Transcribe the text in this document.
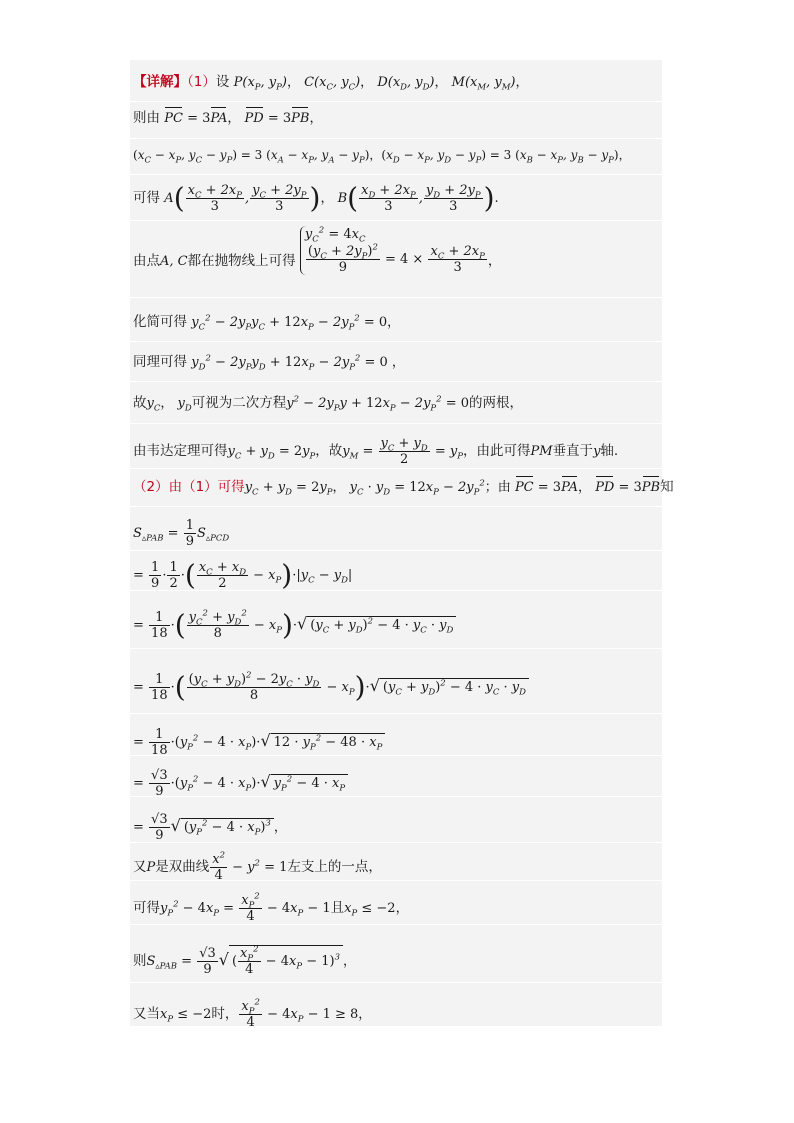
【详解】（1）设 $P(x_P$, $y_P$)， $C(x_C$, $y_C$)， $D(x_D$, $y_D$)， $M(x_M$, $y_M$)，
则由 PC = 3PA， PD = 3PB，
($x_C - x_P$, $y_C - y_P) = 3$ ($x_A - x_P$, $y_A - y_P$)，($x_D - x_P$, $y_D - y_P) = 3$ ($x_B - x_P$, $y_B - y_P$)，
可得 $A( \frac{x_C + 2x_P}{3}$ , $\frac{y_C + 2y_P}{3}$ )， $B( \frac{x_D + 2x_P}{3}$ , $\frac{y_D + 2y_P}{3}$ ).
由点A, C都在抛物线上可得
$y_C^2 = 4x_C$
$\frac{(y_C + 2y_P)^2}{9} = 4 \times \frac{x_C + 2x_P}{3}$ ，
化简可得 $y_C^2 - 2y_Py_C + 12x_P - 2y_P^2 = 0$，
同理可得 $y_D^2 - 2y_Py_D + 12x_P - 2y_P^2 = 0$ ，
故$y_C$， $y_D$可视为二次方程$y^2 - 2y_Py + 12x_P - 2y_P^2 = 0$的两根，
由韦达定理可得$y_C + y_D = 2y_P$，故$y_M = \frac{y_C + y_D}{2} = y_P$，由此可得PM垂直于y轴.
（2）由（1）可得$y_C + y_D = 2y_P$， $y_C \cdot y_D = 12x_P - 2y_P^2$；由 PC = 3PA， PD = 3PB知
$S_{▵PAB} = \frac{1}{9} S_{▵PCD}$
= $\frac{1}{9} \cdot \frac{1}{2}$ ·( $\frac{x_C + x_D}{2} - x_P)\cdot|y_C - y_D|$
= $\frac{1}{18}$ ·( $\frac{y_C^2 + y_D^2}{8} - x_P)\cdot√$ $(y_C + y_D)^2 - 4 \cdot y_C \cdot y_D$
= $\frac{1}{18}$ ·( $\frac{(y_C + y_D)^2 - 2y_C \cdot y_D}{8} - x_P)\cdot√$ $(y_C + y_D)^2 - 4 \cdot y_C \cdot y_D$
= $\frac{1}{18} \cdot(y_P^2 - 4 \cdot x_P)\cdot√$ $12 \cdot y_P^2 - 48 \cdot x_P$
= $\frac{√3}{9} \cdot(y_P^2 - 4 \cdot x_P)\cdot√$ $y_P^2 - 4 \cdot x_P$
= $\frac{√3}{9}$ √ $(y_P^2 - 4 \cdot x_P)^3$ ，
又P是双曲线 $\frac{x^2}{4} - y^2 = 1$左支上的一点，
可得$y_P^2 - 4x_P = \frac{x_P^2}{4} - 4x_P - 1$且$x_P \le -2$，
则$S_{▵PAB} = \frac{√3}{9}$ √ ( $\frac{x_P^2}{4} - 4x_P - 1)^3$ ，
又当$x_P \le -2$时， $\frac{x_P^2}{4} - 4x_P - 1 \ge 8$，
